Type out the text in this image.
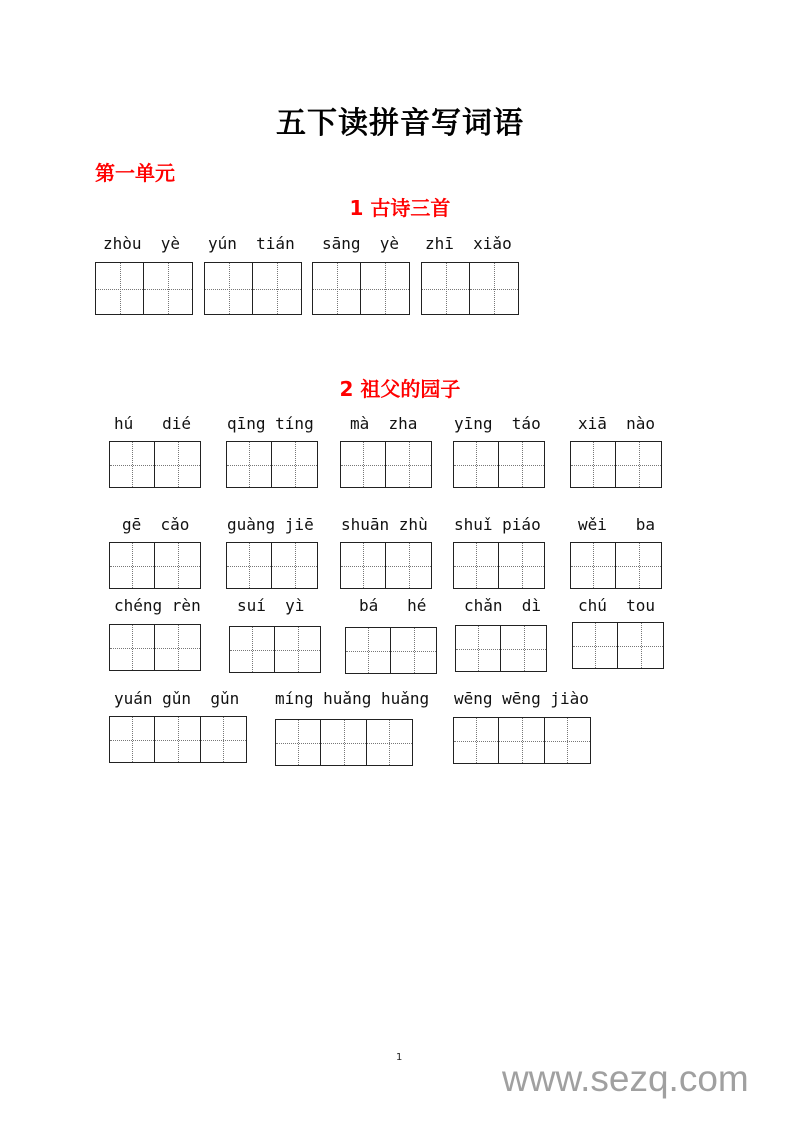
五下读拼音写词语
第一单元
1 古诗三首
zhòu  yè yún  tián sāng  yè zhī  xiǎo
2 祖父的园子
hú   dié qīng tíng mà  zha yīng  táo xiā  nào
gē  cǎo guàng jiē shuān zhù shuǐ piáo wěi   ba
chéng rèn suí  yì	bá   hé chǎn  dì chú  tou
yuán gǔn  gǔn míng huǎng huǎng wēng wēng jiào
1
www.sezq.com
